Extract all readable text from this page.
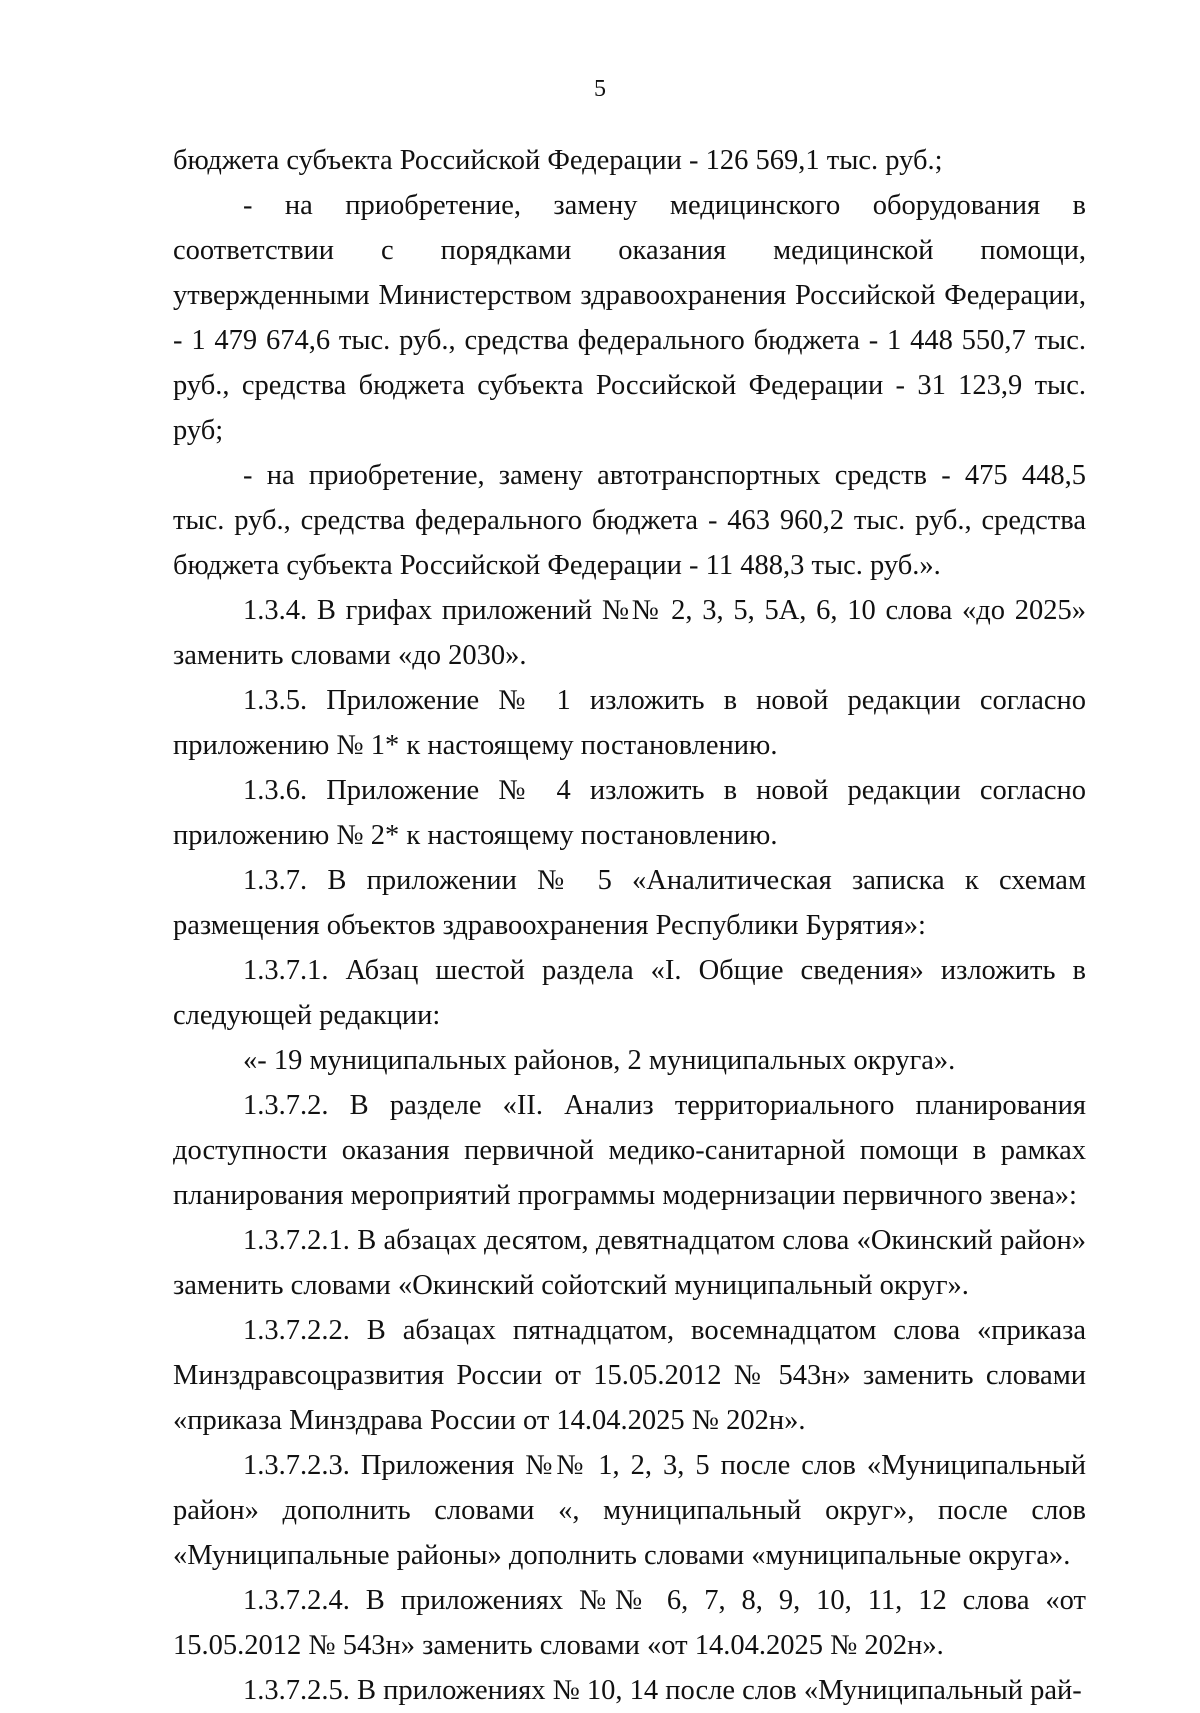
5

бюджета субъекта Российской Федерации - 126 569,1 тыс. руб.;

- на приобретение, замену медицинского оборудования в соответствии с порядками оказания медицинской помощи, утвержденными Министерством здравоохранения Российской Федерации, - 1 479 674,6 тыс. руб., средства федерального бюджета - 1 448 550,7 тыс. руб., средства бюджета субъекта Российской Федерации - 31 123,9 тыс. руб;

- на приобретение, замену автотранспортных средств - 475 448,5 тыс. руб., средства федерального бюджета - 463 960,2 тыс. руб., средства бюджета субъекта Российской Федерации - 11 488,3 тыс. руб.».

1.3.4. В грифах приложений №№ 2, 3, 5, 5А, 6, 10 слова «до 2025» заменить словами «до 2030».

1.3.5. Приложение № 1 изложить в новой редакции согласно приложению № 1* к настоящему постановлению.

1.3.6. Приложение № 4 изложить в новой редакции согласно приложению № 2* к настоящему постановлению.

1.3.7. В приложении № 5 «Аналитическая записка к схемам размещения объектов здравоохранения Республики Бурятия»:

1.3.7.1. Абзац шестой раздела «I. Общие сведения» изложить в следующей редакции:

«- 19 муниципальных районов, 2 муниципальных округа».

1.3.7.2. В разделе «II. Анализ территориального планирования доступности оказания первичной медико-санитарной помощи в рамках планирования мероприятий программы модернизации первичного звена»:

1.3.7.2.1. В абзацах десятом, девятнадцатом слова «Окинский район» заменить словами «Окинский сойотский муниципальный округ».

1.3.7.2.2. В абзацах пятнадцатом, восемнадцатом слова «приказа Минздравсоцразвития России от 15.05.2012 № 543н» заменить словами «приказа Минздрава России от 14.04.2025 № 202н».

1.3.7.2.3. Приложения №№ 1, 2, 3, 5 после слов «Муниципальный район» дополнить словами «, муниципальный округ», после слов «Муниципальные районы» дополнить словами «муниципальные округа».

1.3.7.2.4. В приложениях №№ 6, 7, 8, 9, 10, 11, 12 слова «от 15.05.2012 № 543н» заменить словами «от 14.04.2025 № 202н».

1.3.7.2.5. В приложениях № 10, 14 после слов «Муниципальный рай-
